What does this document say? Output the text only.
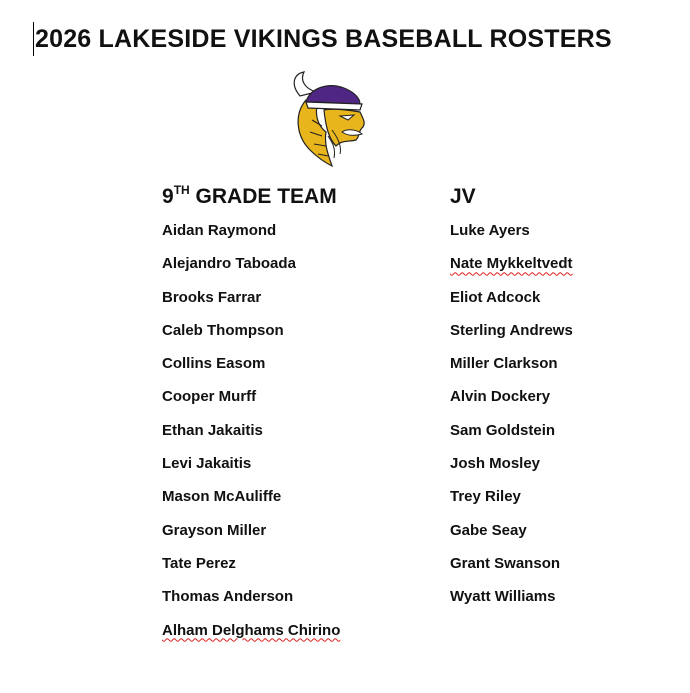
2026 LAKESIDE VIKINGS BASEBALL ROSTERS
9TH GRADE TEAM
Aidan Raymond
Alejandro Taboada
Brooks Farrar
Caleb Thompson
Collins Easom
Cooper Murff
Ethan Jakaitis
Levi Jakaitis
Mason McAuliffe
Grayson Miller
Tate Perez
Thomas Anderson
Alham Delghams Chirino
JV
Luke Ayers
Nate Mykkeltvedt
Eliot Adcock
Sterling Andrews
Miller Clarkson
Alvin Dockery
Sam Goldstein
Josh Mosley
Trey Riley
Gabe Seay
Grant Swanson
Wyatt Williams
